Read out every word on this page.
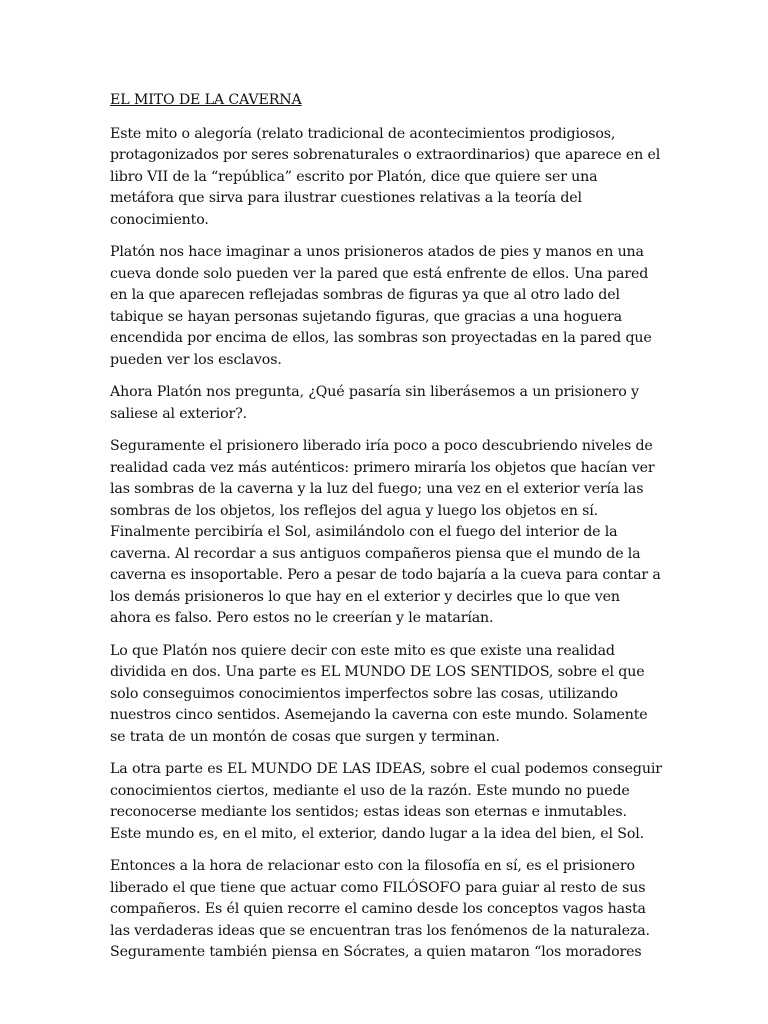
EL MITO DE LA CAVERNA

Este mito o alegoría (relato tradicional de acontecimientos prodigiosos, protagonizados por seres sobrenaturales o extraordinarios) que aparece en el libro VII de la “república” escrito por Platón, dice que quiere ser una metáfora que sirva para ilustrar cuestiones relativas a la teoría del conocimiento.

Platón nos hace imaginar a unos prisioneros atados de pies y manos en una cueva donde solo pueden ver la pared que está enfrente de ellos. Una pared en la que aparecen reflejadas sombras de figuras ya que al otro lado del tabique se hayan personas sujetando figuras, que gracias a una hoguera encendida por encima de ellos, las sombras son proyectadas en la pared que pueden ver los esclavos.

Ahora Platón nos pregunta, ¿Qué pasaría sin liberásemos a un prisionero y saliese al exterior?.

Seguramente el prisionero liberado iría poco a poco descubriendo niveles de realidad cada vez más auténticos: primero miraría los objetos que hacían ver las sombras de la caverna y la luz del fuego; una vez en el exterior vería las sombras de los objetos, los reflejos del agua y luego los objetos en sí. Finalmente percibiría el Sol, asimilándolo con el fuego del interior de la caverna. Al recordar a sus antiguos compañeros piensa que el mundo de la caverna es insoportable. Pero a pesar de todo bajaría a la cueva para contar a los demás prisioneros lo que hay en el exterior y decirles que lo que ven ahora es falso. Pero estos no le creerían y le matarían.

Lo que Platón nos quiere decir con este mito es que existe una realidad dividida en dos. Una parte es EL MUNDO DE LOS SENTIDOS, sobre el que solo conseguimos conocimientos imperfectos sobre las cosas, utilizando nuestros cinco sentidos. Asemejando la caverna con este mundo. Solamente se trata de un montón de cosas que surgen y terminan.

La otra parte es EL MUNDO DE LAS IDEAS, sobre el cual podemos conseguir conocimientos ciertos, mediante el uso de la razón. Este mundo no puede reconocerse mediante los sentidos; estas ideas son eternas e inmutables. Este mundo es, en el mito, el exterior, dando lugar a la idea del bien, el Sol.

Entonces a la hora de relacionar esto con la filosofía en sí, es el prisionero liberado el que tiene que actuar como FILÓSOFO para guiar al resto de sus compañeros. Es él quien recorre el camino desde los conceptos vagos hasta las verdaderas ideas que se encuentran tras los fenómenos de la naturaleza. Seguramente también piensa en Sócrates, a quien mataron “los moradores
